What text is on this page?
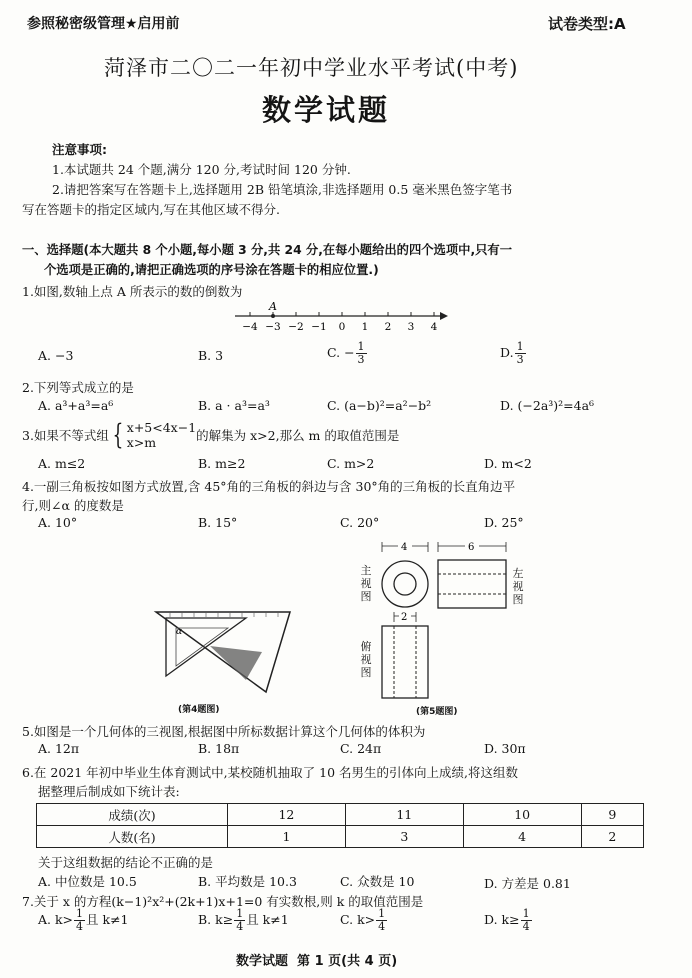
参照秘密级管理★启用前	试卷类型:A
菏泽市二〇二一年初中学业水平考试(中考)
数学试题
注意事项:
1.本试题共 24 个题,满分 120 分,考试时间 120 分钟.
2.请把答案写在答题卡上,选择题用 2B 铅笔填涂,非选择题用 0.5 毫米黑色签字笔书
写在答题卡的指定区域内,写在其他区域不得分.
一、选择题(本大题共 8 个小题,每小题 3 分,共 24 分,在每小题给出的四个选项中,只有一
个选项是正确的,请把正确选项的序号涂在答题卡的相应位置.)
1.如图,数轴上点 A 所表示的数的倒数为
−4 −3 −2 −1 0 1 2 3 4
A
A. −3	B. 3	C. − $\frac{1}{3}$	D. $\frac{1}{3}$
2.下列等式成立的是
A. a³+a³=a⁶	B. a · a³=a³	C. (a−b)²=a²−b²	D. (−2a³)²=4a⁶
3.如果不等式组 { x+5<4x−1
x>m	的解集为 x>2,那么 m 的取值范围是
A. m≤2	B. m≥2	C. m>2	D. m<2
4.一副三角板按如图方式放置,含 45°角的三角板的斜边与含 30°角的三角板的长直角边平
行,则∠α 的度数是
A. 10°	B. 15°	C. 20°	D. 25°
α
(第4题图)
4	6
2
主视图
左视图
俯视图
(第5题图)
5.如图是一个几何体的三视图,根据图中所标数据计算这个几何体的体积为
A. 12π	B. 18π	C. 24π	D. 30π
6.在 2021 年初中毕业生体育测试中,某校随机抽取了 10 名男生的引体向上成绩,将这组数
据整理后制成如下统计表:
成绩(次)	12	11	10	9
人数(名)	1	3	4	2
关于这组数据的结论不正确的是
A. 中位数是 10.5	B. 平均数是 10.3	C. 众数是 10	D. 方差是 0.81
7.关于 x 的方程(k−1)²x²+(2k+1)x+1=0 有实数根,则 k 的取值范围是
A. $k> \frac{1}{4}$ 且 k≠1	B. $k\ge \frac{1}{4}$ 且 k≠1	C. $k> \frac{1}{4}$	D. $k\ge \frac{1}{4}$
数学试题  第 1 页(共 4 页)
